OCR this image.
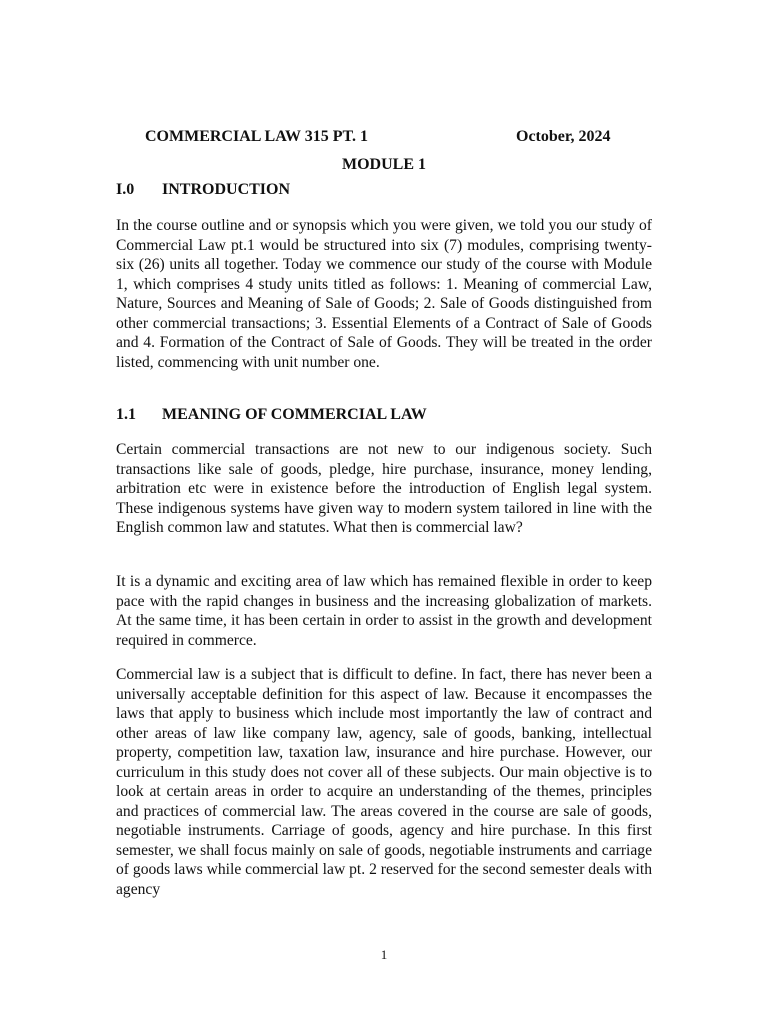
COMMERCIAL LAW 315 PT. 1	October, 2024
MODULE 1
I.0 INTRODUCTION
In the course outline and or synopsis which you were given, we told you our study of Commercial Law pt.1 would be structured into six (7) modules, comprising twenty-six (26) units all together. Today we commence our study of the course with Module 1, which comprises 4 study units titled as follows: 1. Meaning of commercial Law, Nature, Sources and Meaning of Sale of Goods; 2. Sale of Goods distinguished from other commercial transactions; 3. Essential Elements of a Contract of Sale of Goods and 4. Formation of the Contract of Sale of Goods. They will be treated in the order listed, commencing with unit number one.
1.1 MEANING OF COMMERCIAL LAW
Certain commercial transactions are not new to our indigenous society. Such transactions like sale of goods, pledge, hire purchase, insurance, money lending, arbitration etc were in existence before the introduction of English legal system. These indigenous systems have given way to modern system tailored in line with the English common law and statutes. What then is commercial law?
It is a dynamic and exciting area of law which has remained flexible in order to keep pace with the rapid changes in business and the increasing globalization of markets. At the same time, it has been certain in order to assist in the growth and development required in commerce.
Commercial law is a subject that is difficult to define. In fact, there has never been a universally acceptable definition for this aspect of law. Because it encompasses the laws that apply to business which include most importantly the law of contract and other areas of law like company law, agency, sale of goods, banking, intellectual property, competition law, taxation law, insurance and hire purchase. However, our curriculum in this study does not cover all of these subjects. Our main objective is to look at certain areas in order to acquire an understanding of the themes, principles and practices of commercial law. The areas covered in the course are sale of goods, negotiable instruments. Carriage of goods, agency and hire purchase. In this first semester, we shall focus mainly on sale of goods, negotiable instruments and carriage of goods laws while commercial law pt. 2 reserved for the second semester deals with agency
1
